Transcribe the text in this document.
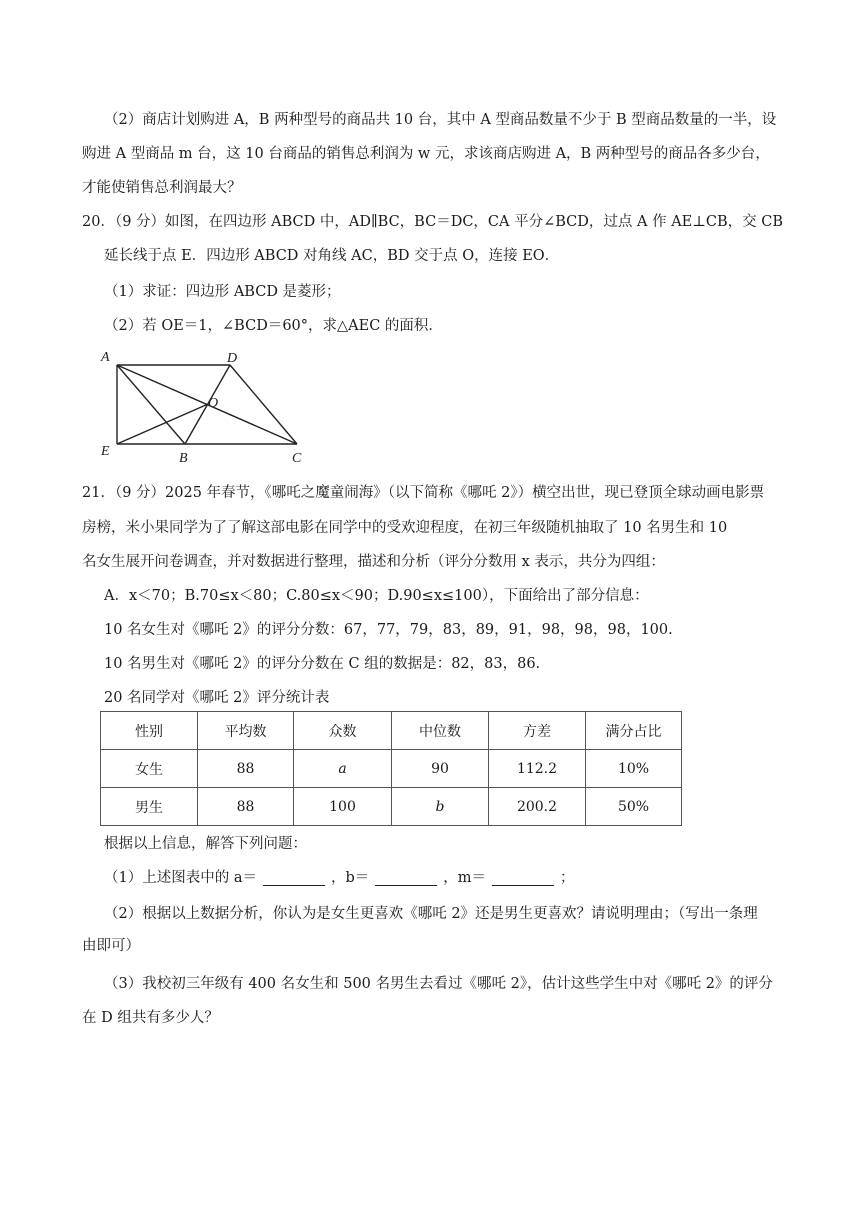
（2）商店计划购进 A，B 两种型号的商品共 10 台，其中 A 型商品数量不少于 B 型商品数量的一半，设
购进 A 型商品 m 台，这 10 台商品的销售总利润为 w 元，求该商店购进 A，B 两种型号的商品各多少台，
才能使销售总利润最大？
20．（9 分）如图，在四边形 ABCD 中，AD∥BC，BC＝DC，CA 平分∠BCD，过点 A 作 AE⊥CB，交 CB
延长线于点 E．四边形 ABCD 对角线 AC，BD 交于点 O，连接 EO．
（1）求证：四边形 ABCD 是菱形；
（2）若 OE＝1，∠BCD＝60°，求△AEC 的面积．
A	D
O
E	B	C
21．（9 分）2025 年春节，《哪吒之魔童闹海》（以下简称《哪吒 2》）横空出世，现已登顶全球动画电影票
房榜，米小果同学为了了解这部电影在同学中的受欢迎程度，在初三年级随机抽取了 10 名男生和 10
名女生展开问卷调查，并对数据进行整理，描述和分析（评分分数用 x 表示，共分为四组：
A．x＜70；B.70≤x＜80；C.80≤x＜90；D.90≤x≤100），下面给出了部分信息：
10 名女生对《哪吒 2》的评分分数：67，77，79，83，89，91，98，98，98，100.
10 名男生对《哪吒 2》的评分分数在 C 组的数据是：82，83，86.
20 名同学对《哪吒 2》评分统计表
性别	平均数	众数	中位数	方差	满分占比
女生	88	a	90	112.2	10%
男生	88	100	b	200.2	50%
根据以上信息，解答下列问题：
（1）上述图表中的 a＝	，b＝	，m＝	；
（2）根据以上数据分析，你认为是女生更喜欢《哪吒 2》还是男生更喜欢？请说明理由；（写出一条理
由即可）
（3）我校初三年级有 400 名女生和 500 名男生去看过《哪吒 2》，估计这些学生中对《哪吒 2》的评分
在 D 组共有多少人？
